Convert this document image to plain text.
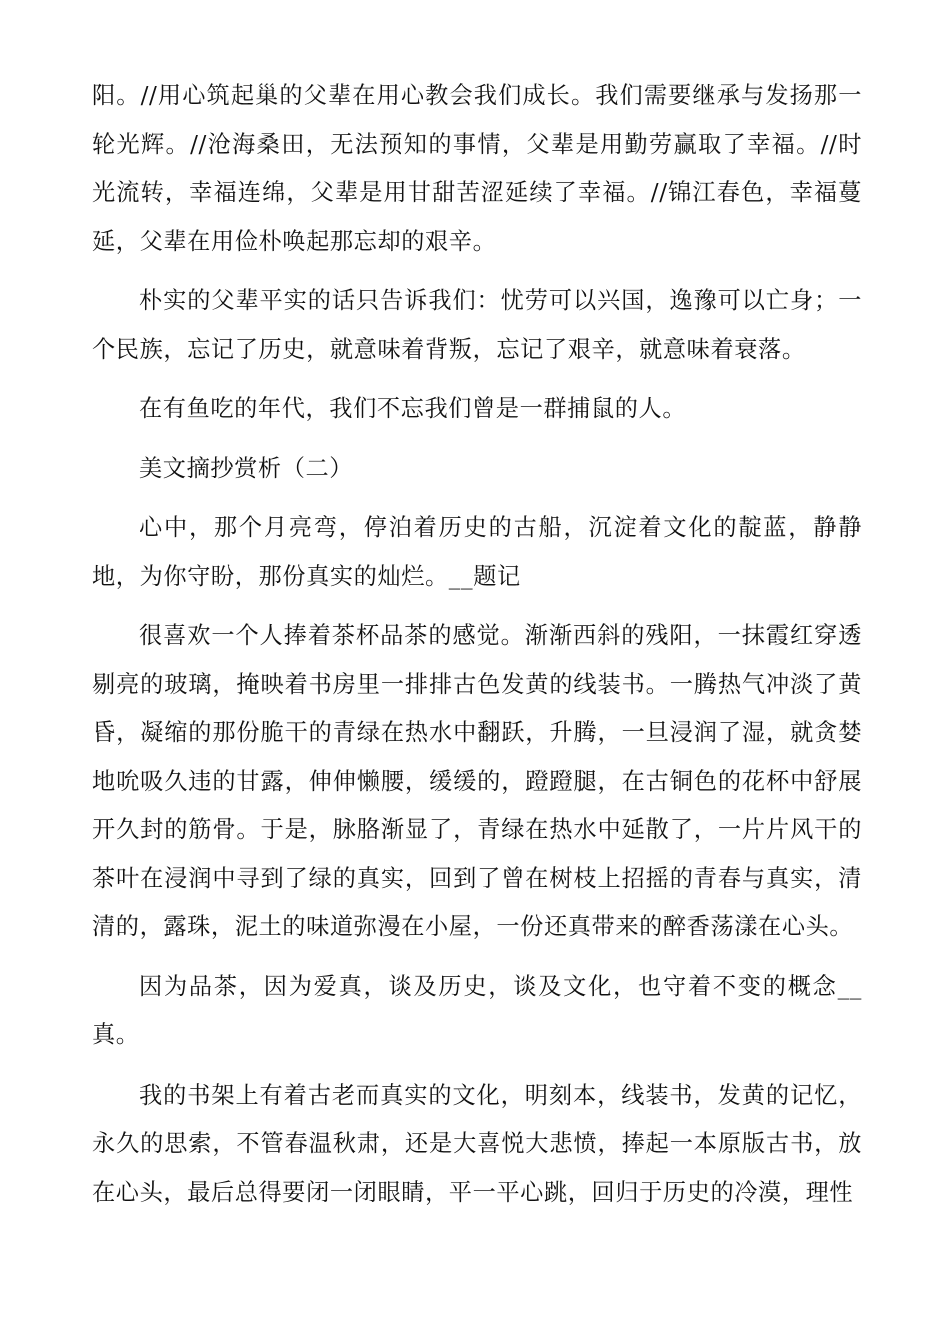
阳。//用心筑起巢的父辈在用心教会我们成长。我们需要继承与发扬那一轮光辉。//沧海桑田，无法预知的事情，父辈是用勤劳赢取了幸福。//时光流转，幸福连绵，父辈是用甘甜苦涩延续了幸福。//锦江春色，幸福蔓延，父辈在用俭朴唤起那忘却的艰辛。

朴实的父辈平实的话只告诉我们：忧劳可以兴国，逸豫可以亡身；一个民族，忘记了历史，就意味着背叛，忘记了艰辛，就意味着衰落。

在有鱼吃的年代，我们不忘我们曾是一群捕鼠的人。

美文摘抄赏析（二）

心中，那个月亮弯，停泊着历史的古船，沉淀着文化的靛蓝，静静地，为你守盼，那份真实的灿烂。__题记

很喜欢一个人捧着茶杯品茶的感觉。渐渐西斜的残阳，一抹霞红穿透剔亮的玻璃，掩映着书房里一排排古色发黄的线装书。一腾热气冲淡了黄昏，凝缩的那份脆干的青绿在热水中翻跃，升腾，一旦浸润了湿，就贪婪地吮吸久违的甘露，伸伸懒腰，缓缓的，蹬蹬腿，在古铜色的花杯中舒展开久封的筋骨。于是，脉胳渐显了，青绿在热水中延散了，一片片风干的茶叶在浸润中寻到了绿的真实，回到了曾在树枝上招摇的青春与真实，清清的，露珠，泥土的味道弥漫在小屋，一份还真带来的醉香荡漾在心头。

因为品茶，因为爱真，谈及历史，谈及文化，也守着不变的概念__真。

我的书架上有着古老而真实的文化，明刻本，线装书，发黄的记忆，永久的思索，不管春温秋肃，还是大喜悦大悲愤，捧起一本原版古书，放在心头，最后总得要闭一闭眼睛，平一平心跳，回归于历史的冷漠，理性
